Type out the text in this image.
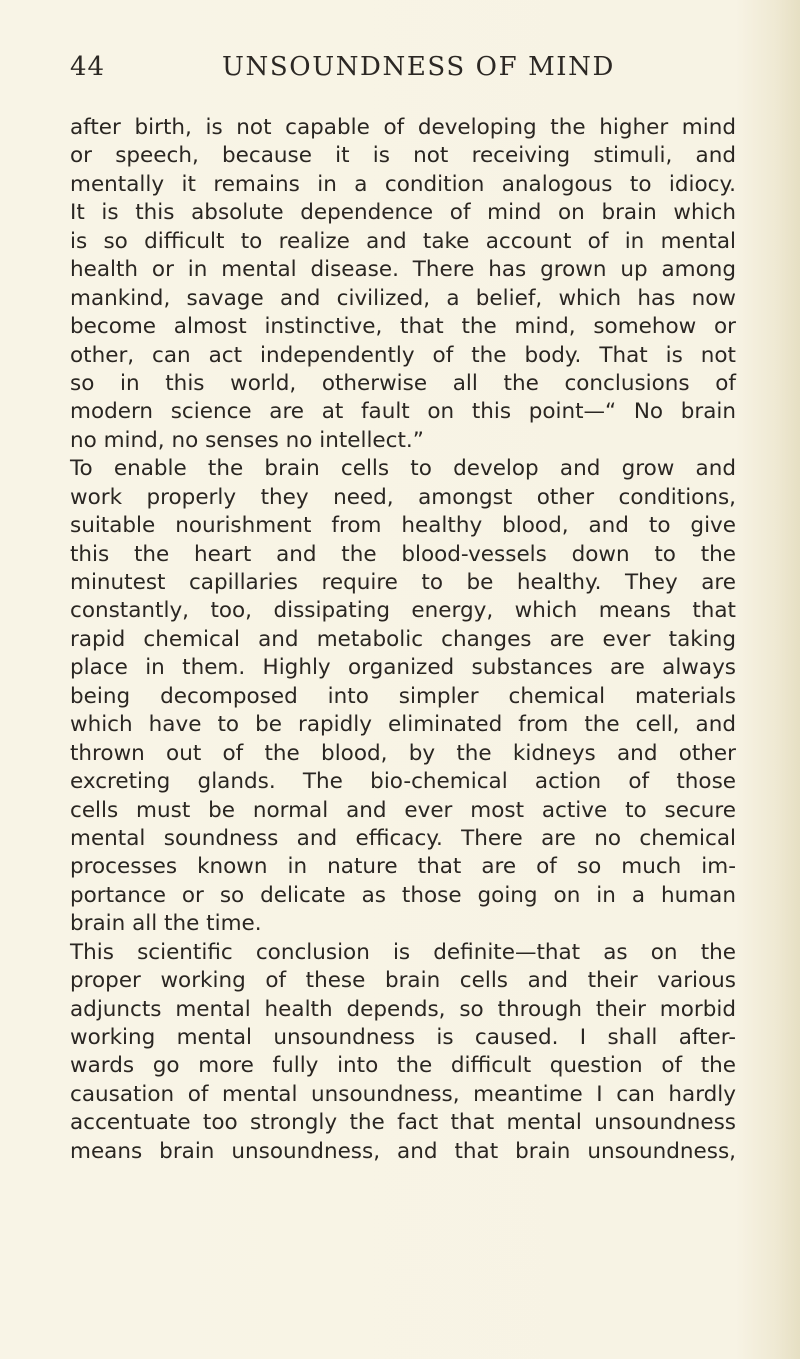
44	UNSOUNDNESS OF MIND
after birth, is not capable of developing the higher mind
or speech, because it is not receiving stimuli, and
mentally it remains in a condition analogous to idiocy.
It is this absolute dependence of mind on brain which
is so difficult to realize and take account of in mental
health or in mental disease. There has grown up among
mankind, savage and civilized, a belief, which has now
become almost instinctive, that the mind, somehow or
other, can act independently of the body. That is not
so in this world, otherwise all the conclusions of
modern science are at fault on this point—“ No brain
no mind, no senses no intellect.”
To enable the brain cells to develop and grow and
work properly they need, amongst other conditions,
suitable nourishment from healthy blood, and to give
this the heart and the blood-vessels down to the
minutest capillaries require to be healthy. They are
constantly, too, dissipating energy, which means that
rapid chemical and metabolic changes are ever taking
place in them. Highly organized substances are always
being decomposed into simpler chemical materials
which have to be rapidly eliminated from the cell, and
thrown out of the blood, by the kidneys and other
excreting glands. The bio-chemical action of those
cells must be normal and ever most active to secure
mental soundness and efficacy. There are no chemical
processes known in nature that are of so much im-
portance or so delicate as those going on in a human
brain all the time.
This scientific conclusion is definite—that as on the
proper working of these brain cells and their various
adjuncts mental health depends, so through their morbid
working mental unsoundness is caused. I shall after-
wards go more fully into the difficult question of the
causation of mental unsoundness, meantime I can hardly
accentuate too strongly the fact that mental unsoundness
means brain unsoundness, and that brain unsoundness,
